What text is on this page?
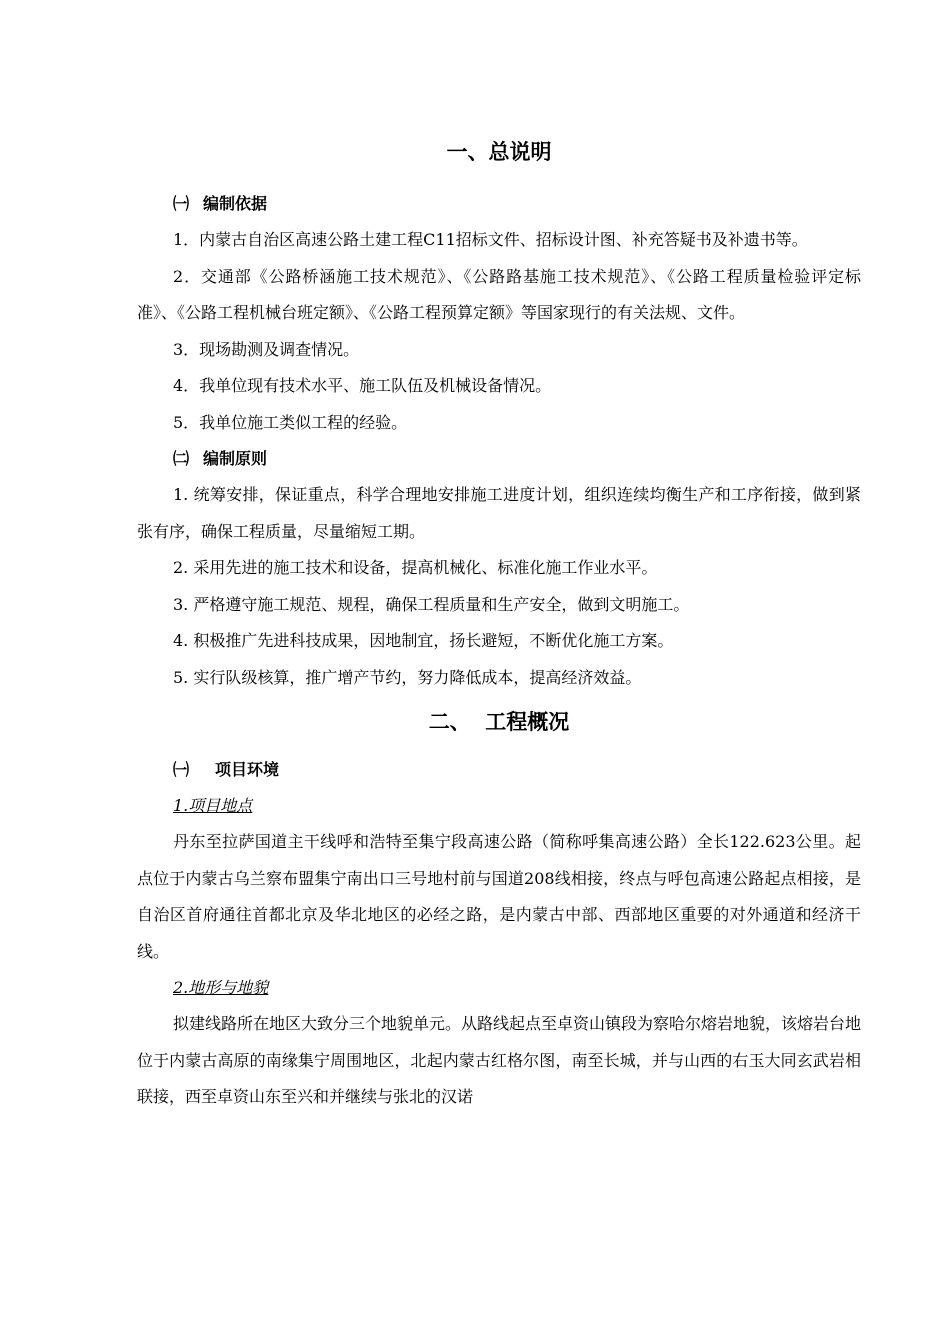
一、总说明
㈠ 编制依据

1．内蒙古自治区高速公路土建工程C11招标文件、招标设计图、补充答疑书及补遗书等。

2．交通部《公路桥涵施工技术规范》、《公路路基施工技术规范》、《公路工程质量检验评定标准》、《公路工程机械台班定额》、《公路工程预算定额》等国家现行的有关法规、文件。

3．现场勘测及调查情况。

4．我单位现有技术水平、施工队伍及机械设备情况。

5．我单位施工类似工程的经验。

㈡ 编制原则

1. 统筹安排，保证重点，科学合理地安排施工进度计划，组织连续均衡生产和工序衔接，做到紧张有序，确保工程质量，尽量缩短工期。

2. 采用先进的施工技术和设备，提高机械化、标准化施工作业水平。

3. 严格遵守施工规范、规程，确保工程质量和生产安全，做到文明施工。

4. 积极推广先进科技成果，因地制宜，扬长避短，不断优化施工方案。

5. 实行队级核算，推广增产节约，努力降低成本，提高经济效益。

二、  工程概况
㈠ 项目环境
1.项目地点

丹东至拉萨国道主干线呼和浩特至集宁段高速公路（简称呼集高速公路）全长122.623公里。起点位于内蒙古乌兰察布盟集宁南出口三号地村前与国道208线相接，终点与呼包高速公路起点相接，是自治区首府通往首都北京及华北地区的必经之路，是内蒙古中部、西部地区重要的对外通道和经济干线。

2.地形与地貌

拟建线路所在地区大致分三个地貌单元。从路线起点至卓资山镇段为察哈尔熔岩地貌，该熔岩台地位于内蒙古高原的南缘集宁周围地区，北起内蒙古红格尔图，南至长城，并与山西的右玉大同玄武岩相联接，西至卓资山东至兴和并继续与张北的汉诺
